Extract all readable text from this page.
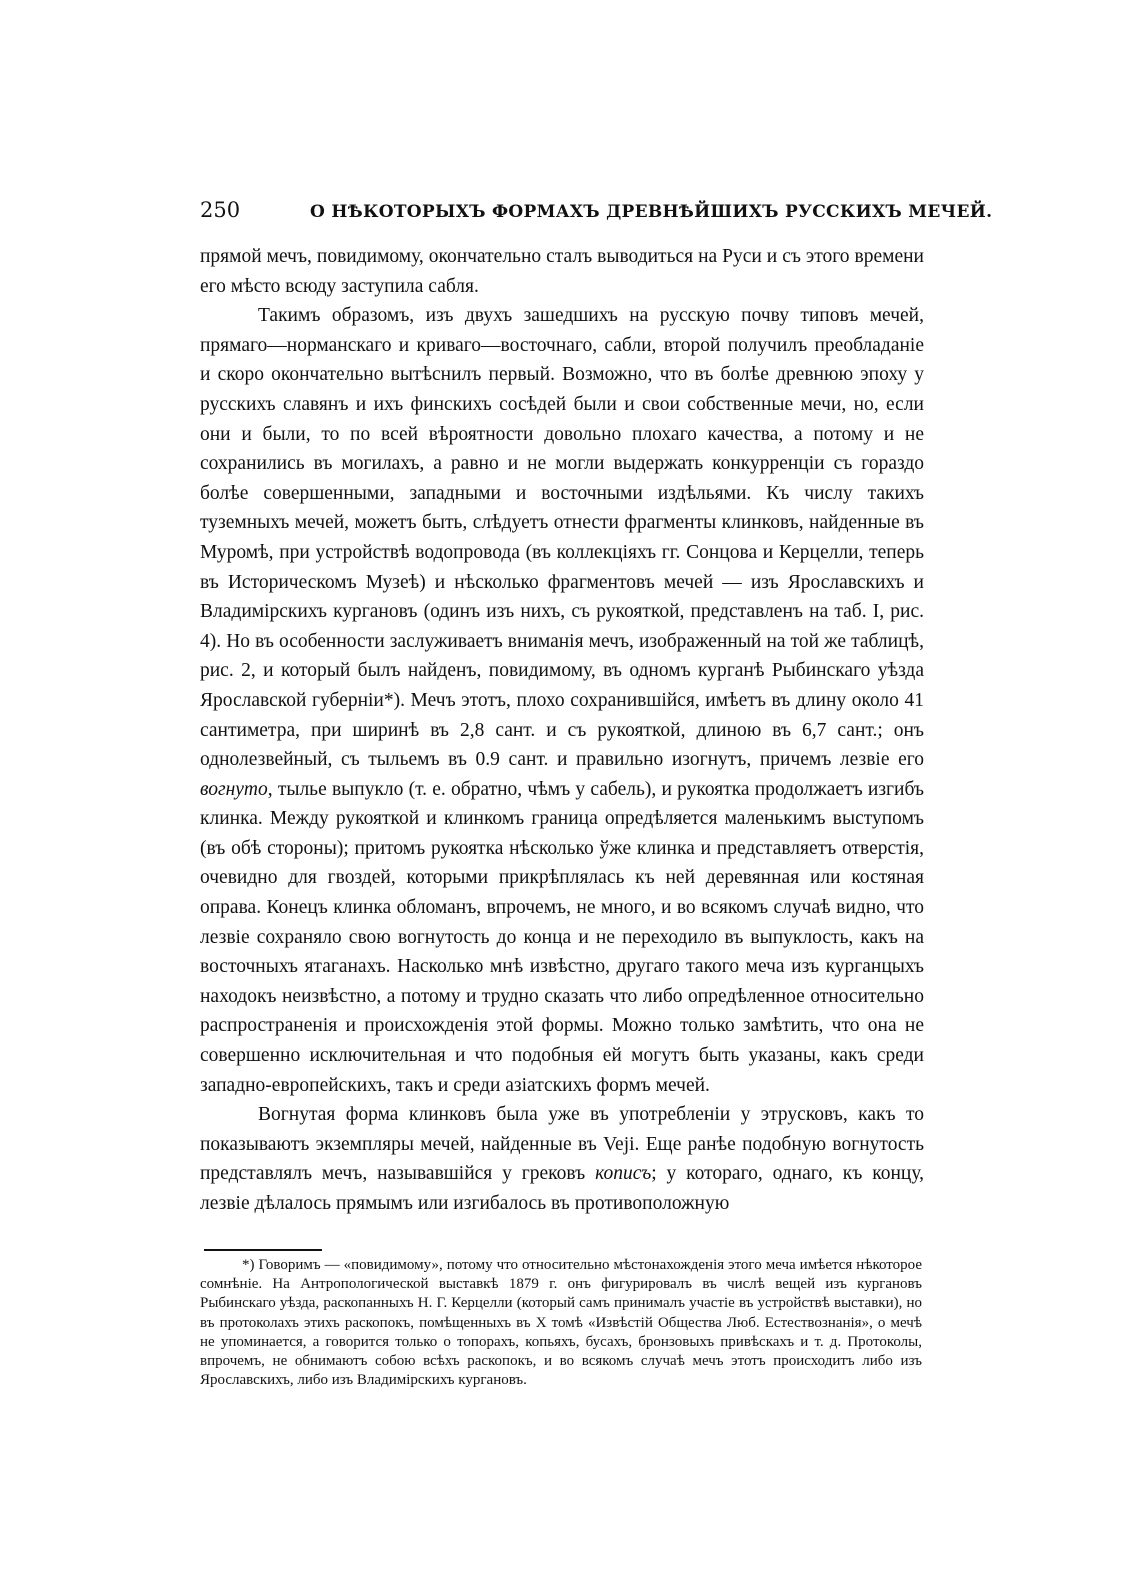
250	О НѢКОТОРЫХЪ ФОРМАХЪ ДРЕВНѢЙШИХЪ РУССКИХЪ МЕЧЕЙ.

прямой мечъ, повидимому, окончательно сталъ выводиться на Руси и съ этого времени его мѣсто всюду заступила сабля.

Такимъ образомъ, изъ двухъ зашедшихъ на русскую почву типовъ мечей, прямаго—норманскаго и криваго—восточнаго, сабли, второй получилъ преобладаніе и скоро окончательно вытѣснилъ первый. Возможно, что въ болѣе древнюю эпоху у русскихъ славянъ и ихъ финскихъ сосѣдей были и свои собственные мечи, но, если они и были, то по всей вѣроятности довольно плохаго качества, а потому и не сохранились въ могилахъ, а равно и не могли выдержать конкурренціи съ гораздо болѣе совершенными, западными и восточными издѣльями. Къ числу такихъ туземныхъ мечей, можетъ быть, слѣдуетъ отнести фрагменты клинковъ, найденные въ Муромѣ, при устройствѣ водопровода (въ коллекціяхъ гг. Сонцова и Керцелли, теперь въ Историческомъ Музеѣ) и нѣсколько фрагментовъ мечей — изъ Ярославскихъ и Владимірскихъ кургановъ (одинъ изъ нихъ, съ рукояткой, представленъ на таб. I, рис. 4). Но въ особенности заслуживаетъ вниманія мечъ, изображенный на той же таблицѣ, рис. 2, и который былъ найденъ, повидимому, въ одномъ курганѣ Рыбинскаго уѣзда Ярославской губерніи*). Мечъ этотъ, плохо сохранившійся, имѣетъ въ длину около 41 сантиметра, при ширинѣ въ 2,8 сант. и съ рукояткой, длиною въ 6,7 сант.; онъ однолезвейный, съ тыльемъ въ 0.9 сант. и правильно изогнутъ, причемъ лезвіе его вогнуто, тылье выпукло (т. е. обратно, чѣмъ у сабель), и рукоятка продолжаетъ изгибъ клинка. Между рукояткой и клинкомъ граница опредѣляется маленькимъ выступомъ (въ обѣ стороны); притомъ рукоятка нѣсколько ўже клинка и представляетъ отверстія, очевидно для гвоздей, которыми прикрѣплялась къ ней деревянная или костяная оправа. Конецъ клинка обломанъ, впрочемъ, не много, и во всякомъ случаѣ видно, что лезвіе сохраняло свою вогнутость до конца и не переходило въ выпуклость, какъ на восточныхъ ятаганахъ. Насколько мнѣ извѣстно, другаго такого меча изъ курганцыхъ находокъ неизвѣстно, а потому и трудно сказать что либо опредѣленное относительно распространенія и происхожденія этой формы. Можно только замѣтить, что она не совершенно исключительная и что подобныя ей могутъ быть указаны, какъ среди западно-европейскихъ, такъ и среди азіатскихъ формъ мечей.

Вогнутая форма клинковъ была уже въ употребленіи у этрусковъ, какъ то показываютъ экземпляры мечей, найденные въ Veji. Еще ранѣе подобную вогнутость представлялъ мечъ, называвшійся у грековъ кописъ; у котораго, однаго, къ концу, лезвіе дѣлалось прямымъ или изгибалось въ противоположную

*) Говоримъ — «повидимому», потому что относительно мѣстонахожденія этого меча имѣется нѣкоторое сомнѣніе. На Антропологической выставкѣ 1879 г. онъ фигурировалъ въ числѣ вещей изъ кургановъ Рыбинскаго уѣзда, раскопанныхъ Н. Г. Керцелли (который самъ принималъ участіе въ устройствѣ выставки), но въ протоколахъ этихъ раскопокъ, помѣщенныхъ въ X томѣ «Извѣстій Общества Люб. Естествознанія», о мечѣ не упоминается, а говорится только о топорахъ, копьяхъ, бусахъ, бронзовыхъ привѣскахъ и т. д. Протоколы, впрочемъ, не обнимаютъ собою всѣхъ раскопокъ, и во всякомъ случаѣ мечъ этотъ происходитъ либо изъ Ярославскихъ, либо изъ Владимірскихъ кургановъ.
